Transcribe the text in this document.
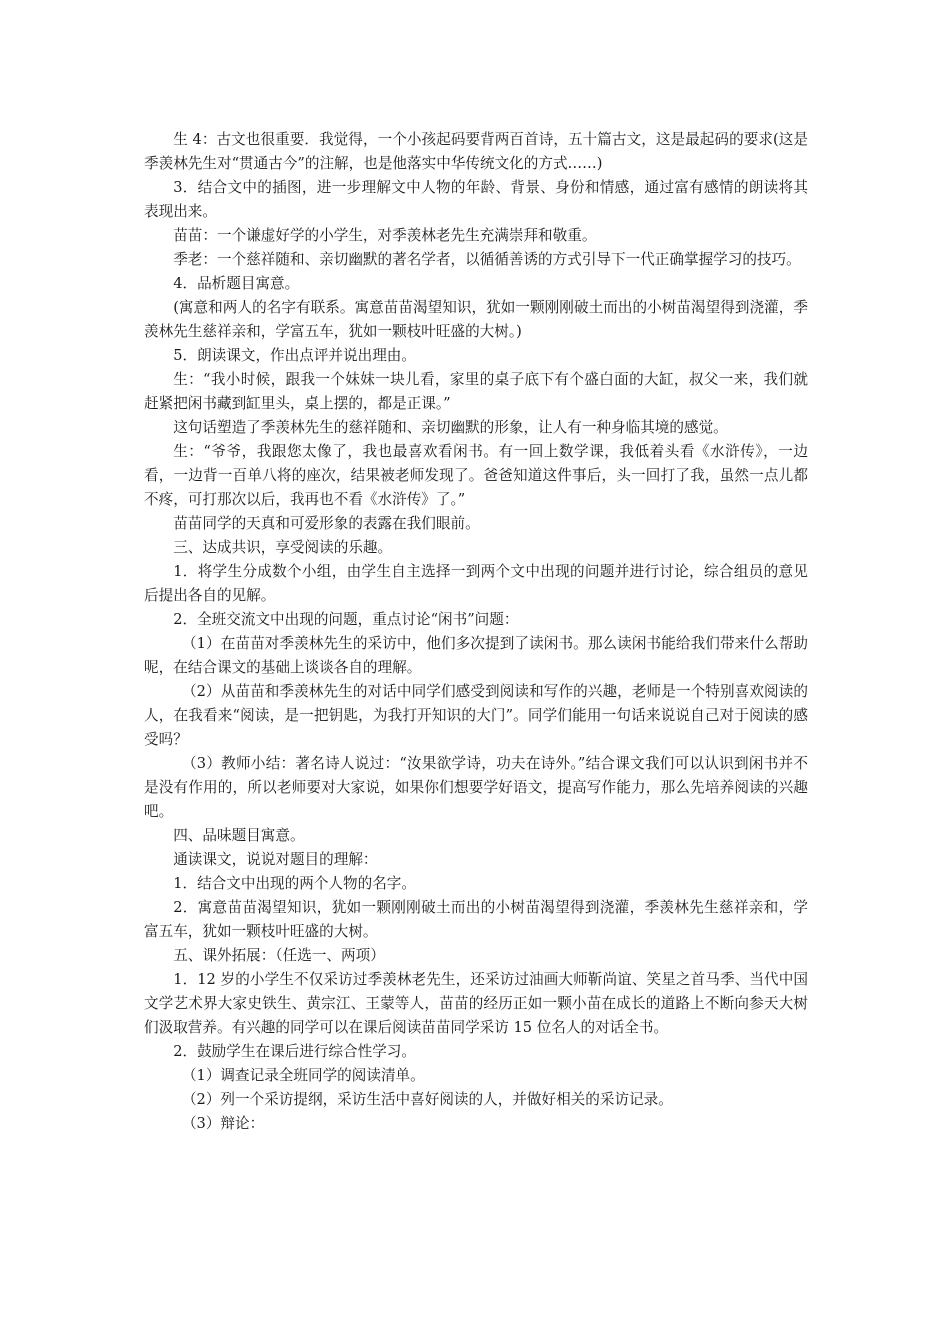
生 4：古文也很重要．我觉得，一个小孩起码要背两百首诗，五十篇古文，这是最起码的要求(这是季羡林先生对“贯通古今”的注解，也是他落实中华传统文化的方式……)

3．结合文中的插图，进一步理解文中人物的年龄、背景、身份和情感，通过富有感情的朗读将其表现出来。

苗苗：一个谦虚好学的小学生，对季羡林老先生充满崇拜和敬重。

季老：一个慈祥随和、亲切幽默的著名学者，以循循善诱的方式引导下一代正确掌握学习的技巧。

4．品析题目寓意。

(寓意和两人的名字有联系。寓意苗苗渴望知识，犹如一颗刚刚破土而出的小树苗渴望得到浇灌，季羡林先生慈祥亲和，学富五车，犹如一颗枝叶旺盛的大树。)

5．朗读课文，作出点评并说出理由。

生：“我小时候，跟我一个妹妹一块儿看，家里的桌子底下有个盛白面的大缸，叔父一来，我们就赶紧把闲书藏到缸里头，桌上摆的，都是正课。”

这句话塑造了季羡林先生的慈祥随和、亲切幽默的形象，让人有一种身临其境的感觉。

生：“爷爷，我跟您太像了，我也最喜欢看闲书。有一回上数学课，我低着头看《水浒传》，一边看，一边背一百单八将的座次，结果被老师发现了。爸爸知道这件事后，头一回打了我，虽然一点儿都不疼，可打那次以后，我再也不看《水浒传》了。”

苗苗同学的天真和可爱形象的表露在我们眼前。

三、达成共识，享受阅读的乐趣。

1．将学生分成数个小组，由学生自主选择一到两个文中出现的问题并进行讨论，综合组员的意见后提出各自的见解。

2．全班交流文中出现的问题，重点讨论“闲书”问题：

（1）在苗苗对季羡林先生的采访中，他们多次提到了读闲书。那么读闲书能给我们带来什么帮助呢，在结合课文的基础上谈谈各自的理解。

（2）从苗苗和季羡林先生的对话中同学们感受到阅读和写作的兴趣，老师是一个特别喜欢阅读的人，在我看来“阅读，是一把钥匙，为我打开知识的大门”。同学们能用一句话来说说自己对于阅读的感受吗？

（3）教师小结：著名诗人说过：“汝果欲学诗，功夫在诗外。”结合课文我们可以认识到闲书并不是没有作用的，所以老师要对大家说，如果你们想要学好语文，提高写作能力，那么先培养阅读的兴趣吧。

四、品味题目寓意。

通读课文，说说对题目的理解：

1．结合文中出现的两个人物的名字。

2．寓意苗苗渴望知识，犹如一颗刚刚破土而出的小树苗渴望得到浇灌，季羡林先生慈祥亲和，学富五车，犹如一颗枝叶旺盛的大树。

五、课外拓展：（任选一、两项）

1．12 岁的小学生不仅采访过季羡林老先生，还采访过油画大师靳尚谊、笑星之首马季、当代中国文学艺术界大家史铁生、黄宗江、王蒙等人，苗苗的经历正如一颗小苗在成长的道路上不断向参天大树们汲取营养。有兴趣的同学可以在课后阅读苗苗同学采访 15 位名人的对话全书。

2．鼓励学生在课后进行综合性学习。

（1）调查记录全班同学的阅读清单。

（2）列一个采访提纲，采访生活中喜好阅读的人，并做好相关的采访记录。

（3）辩论：
